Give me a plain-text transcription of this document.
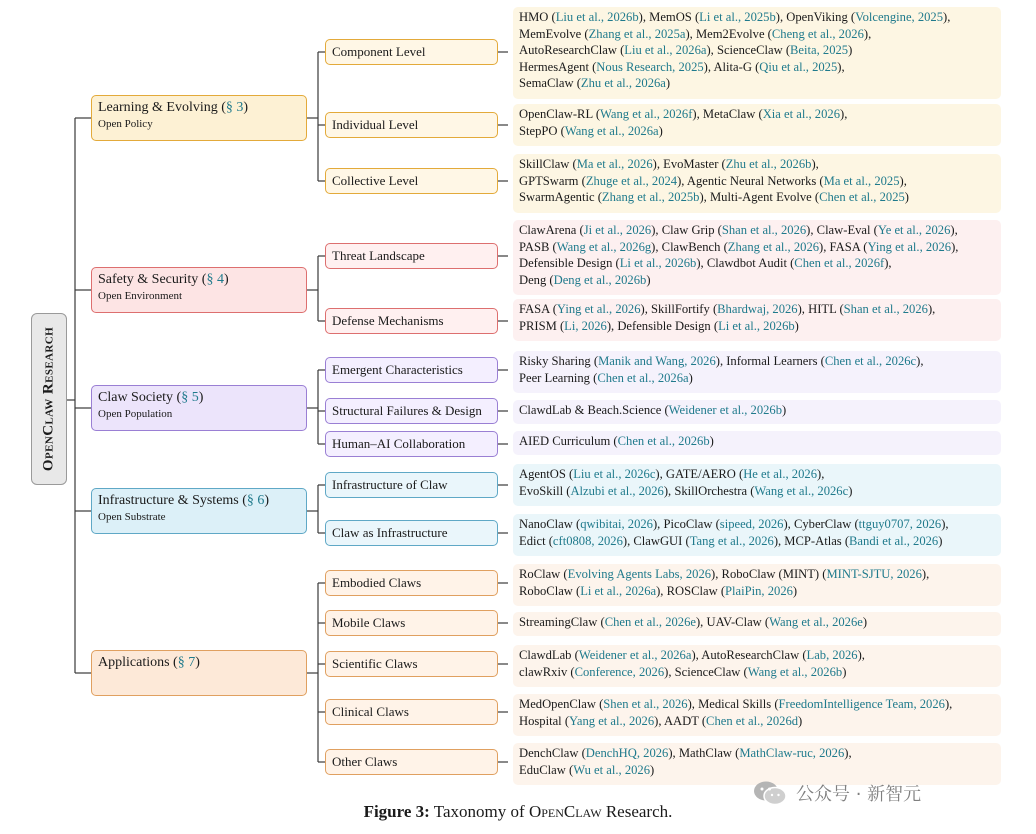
OpenClaw Research
Learning & Evolving (§ 3)
Open Policy
Component Level
HMO (Liu et al., 2026b), MemOS (Li et al., 2025b), OpenViking (Volcengine, 2025),
MemEvolve (Zhang et al., 2025a), Mem2Evolve (Cheng et al., 2026),
AutoResearchClaw (Liu et al., 2026a), ScienceClaw (Beita, 2025)
HermesAgent (Nous Research, 2025), Alita-G (Qiu et al., 2025),
SemaClaw (Zhu et al., 2026a)
Individual Level
OpenClaw-RL (Wang et al., 2026f), MetaClaw (Xia et al., 2026),
StepPO (Wang et al., 2026a)
Collective Level
SkillClaw (Ma et al., 2026), EvoMaster (Zhu et al., 2026b),
GPTSwarm (Zhuge et al., 2024), Agentic Neural Networks (Ma et al., 2025),
SwarmAgentic (Zhang et al., 2025b), Multi-Agent Evolve (Chen et al., 2025)
Safety & Security (§ 4)
Open Environment
Threat Landscape
ClawArena (Ji et al., 2026), Claw Grip (Shan et al., 2026), Claw-Eval (Ye et al., 2026),
PASB (Wang et al., 2026g), ClawBench (Zhang et al., 2026), FASA (Ying et al., 2026),
Defensible Design (Li et al., 2026b), Clawdbot Audit (Chen et al., 2026f),
Deng (Deng et al., 2026b)
Defense Mechanisms
FASA (Ying et al., 2026), SkillFortify (Bhardwaj, 2026), HITL (Shan et al., 2026),
PRISM (Li, 2026), Defensible Design (Li et al., 2026b)
Claw Society (§ 5)
Open Population
Emergent Characteristics
Risky Sharing (Manik and Wang, 2026), Informal Learners (Chen et al., 2026c),
Peer Learning (Chen et al., 2026a)
Structural Failures & Design	ClawdLab & Beach.Science (Weidener et al., 2026b)
Human–AI Collaboration	AIED Curriculum (Chen et al., 2026b)
Infrastructure & Systems (§ 6)
Open Substrate
Infrastructure of Claw
AgentOS (Liu et al., 2026c), GATE/AERO (He et al., 2026),
EvoSkill (Alzubi et al., 2026), SkillOrchestra (Wang et al., 2026c)
Claw as Infrastructure
NanoClaw (qwibitai, 2026), PicoClaw (sipeed, 2026), CyberClaw (ttguy0707, 2026),
Edict (cft0808, 2026), ClawGUI (Tang et al., 2026), MCP-Atlas (Bandi et al., 2026)
Applications (§ 7)
Embodied Claws
RoClaw (Evolving Agents Labs, 2026), RoboClaw (MINT) (MINT-SJTU, 2026),
RoboClaw (Li et al., 2026a), ROSClaw (PlaiPin, 2026)
Mobile Claws	StreamingClaw (Chen et al., 2026e), UAV-Claw (Wang et al., 2026e)
Scientific Claws
ClawdLab (Weidener et al., 2026a), AutoResearchClaw (Lab, 2026),
clawRxiv (Conference, 2026), ScienceClaw (Wang et al., 2026b)
Clinical Claws	MedOpenClaw (Shen et al., 2026), Medical Skills (FreedomIntelligence Team, 2026),
Hospital (Yang et al., 2026), AADT (Chen et al., 2026d)
Other Claws
DenchClaw (DenchHQ, 2026), MathClaw (MathClaw-ruc, 2026),
EduClaw (Wu et al., 2026)
Figure 3: Taxonomy of OpenClaw Research.
公众号 · 新智元
